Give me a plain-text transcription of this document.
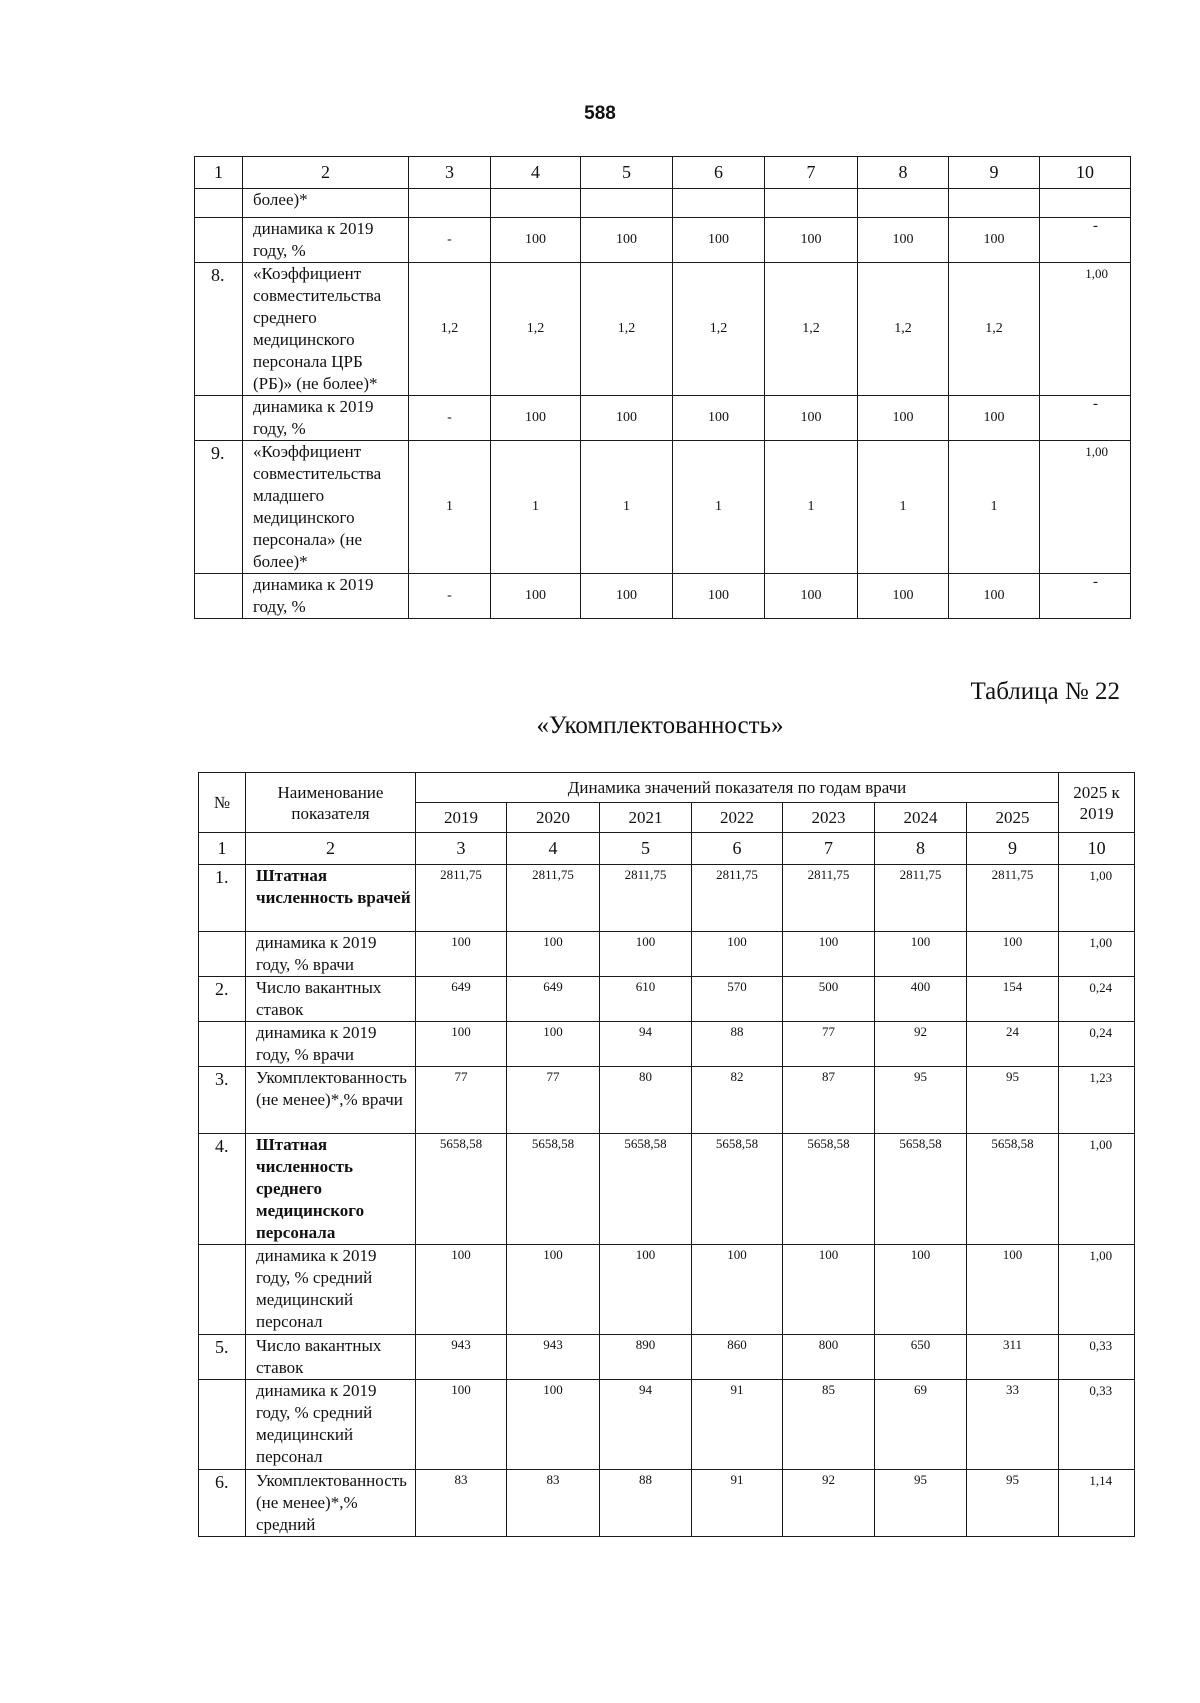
588
1	2	3	4	5	6	7	8	9	10
	более)*								
	динамика к 2019 году, %	-	100	100	100	100	100	100	-
8.	«Коэффициент совместительства среднего медицинского персонала ЦРБ (РБ)» (не более)*	1,2	1,2	1,2	1,2	1,2	1,2	1,2	1,00
	динамика к 2019 году, %	-	100	100	100	100	100	100	-
9.	«Коэффициент совместительства младшего медицинского персонала» (не более)*	1	1	1	1	1	1	1	1,00
	динамика к 2019 году, %	-	100	100	100	100	100	100	-
Таблица № 22
«Укомплектованность»
№	Наименование показателя	Динамика значений показателя по годам врачи							2025 к 2019
		2019	2020	2021	2022	2023	2024	2025	
1	2	3	4	5	6	7	8	9	10
1.	Штатная численность врачей	2811,75	2811,75	2811,75	2811,75	2811,75	2811,75	2811,75	1,00
	динамика к 2019 году, % врачи	100	100	100	100	100	100	100	1,00
2.	Число вакантных ставок	649	649	610	570	500	400	154	0,24
	динамика к 2019 году, % врачи	100	100	94	88	77	92	24	0,24
3.	Укомплектованность (не менее)*,% врачи	77	77	80	82	87	95	95	1,23
4.	Штатная численность среднего медицинского персонала	5658,58	5658,58	5658,58	5658,58	5658,58	5658,58	5658,58	1,00
	динамика к 2019 году, % средний медицинский персонал	100	100	100	100	100	100	100	1,00
5.	Число вакантных ставок	943	943	890	860	800	650	311	0,33
	динамика к 2019 году, % средний медицинский персонал	100	100	94	91	85	69	33	0,33
6.	Укомплектованность (не менее)*,% средний	83	83	88	91	92	95	95	1,14
